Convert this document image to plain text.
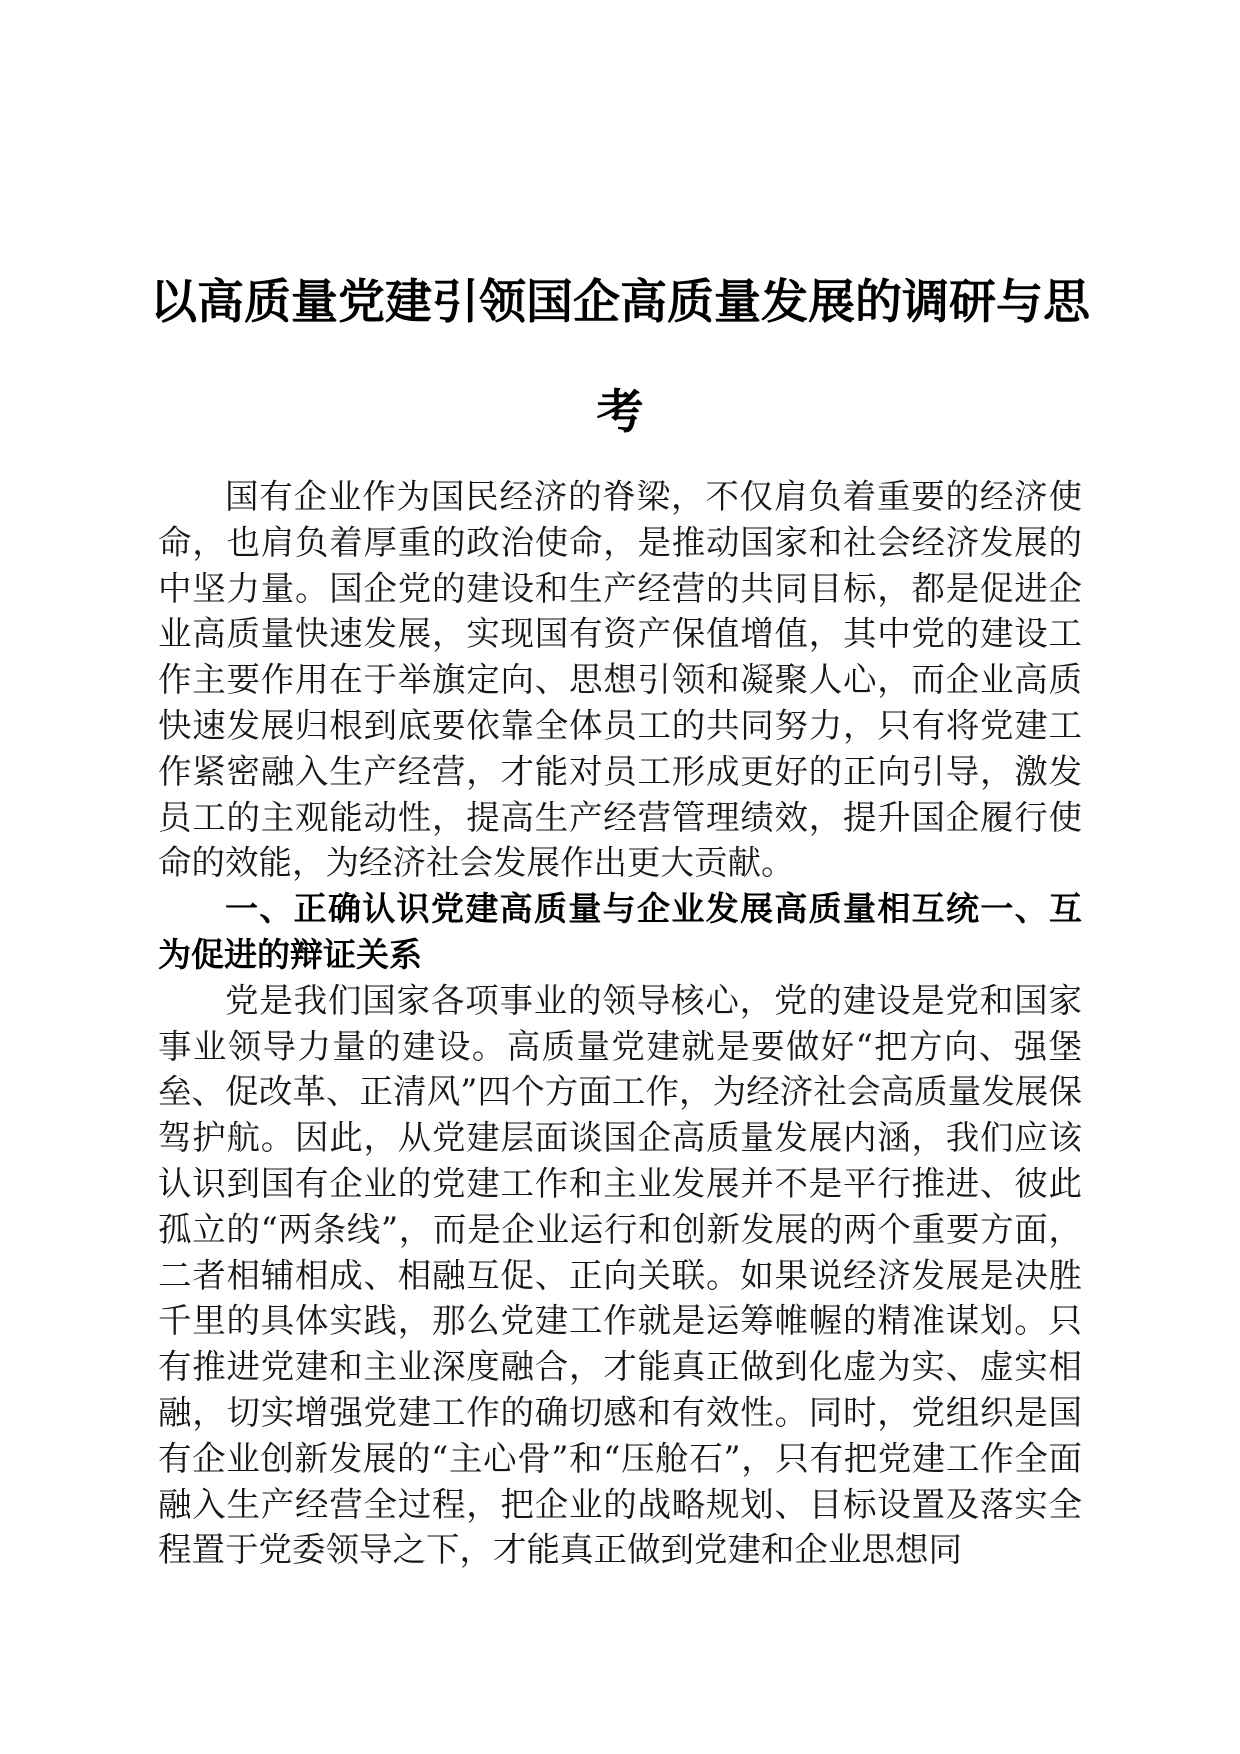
以高质量党建引领国企高质量发展的调研与思考

国有企业作为国民经济的脊梁，不仅肩负着重要的经济使命，也肩负着厚重的政治使命，是推动国家和社会经济发展的中坚力量。国企党的建设和生产经营的共同目标，都是促进企业高质量快速发展，实现国有资产保值增值，其中党的建设工作主要作用在于举旗定向、思想引领和凝聚人心，而企业高质快速发展归根到底要依靠全体员工的共同努力，只有将党建工作紧密融入生产经营，才能对员工形成更好的正向引导，激发员工的主观能动性，提高生产经营管理绩效，提升国企履行使命的效能，为经济社会发展作出更大贡献。

一、正确认识党建高质量与企业发展高质量相互统一、互为促进的辩证关系

党是我们国家各项事业的领导核心，党的建设是党和国家事业领导力量的建设。高质量党建就是要做好“把方向、强堡垒、促改革、正清风”四个方面工作，为经济社会高质量发展保驾护航。因此，从党建层面谈国企高质量发展内涵，我们应该认识到国有企业的党建工作和主业发展并不是平行推进、彼此孤立的“两条线”，而是企业运行和创新发展的两个重要方面，二者相辅相成、相融互促、正向关联。如果说经济发展是决胜千里的具体实践，那么党建工作就是运筹帷幄的精准谋划。只有推进党建和主业深度融合，才能真正做到化虚为实、虚实相融，切实增强党建工作的确切感和有效性。同时，党组织是国有企业创新发展的“主心骨”和“压舱石”，只有把党建工作全面融入生产经营全过程，把企业的战略规划、目标设置及落实全程置于党委领导之下，才能真正做到党建和企业思想同
